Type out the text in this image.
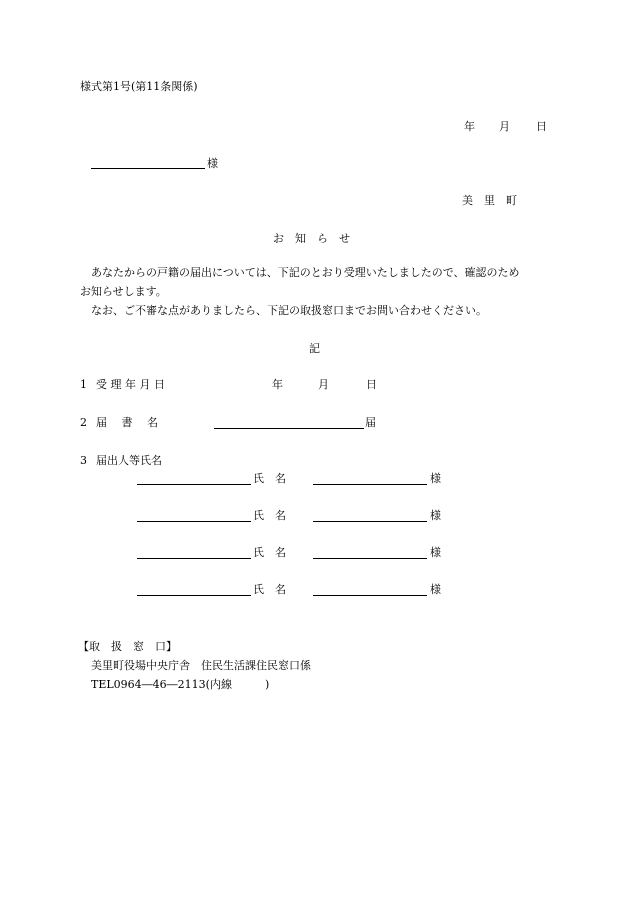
様式第1号(第11条関係)
年 月 日
様
美　里　町
お　知　ら　せ
あなたからの戸籍の届出については、下記のとおり受理いたしましたので、確認のため
お知らせします。
なお、ご不審な点がありましたら、下記の取扱窓口までお問い合わせください。
記
1 受 理 年 月 日	年	月	日
2 届　 書　 名	届
3 届出人等氏名
氏　名	様
氏　名	様
氏　名	様
氏　名	様
【取　扱　窓　口】
美里町役場中央庁舎　住民生活課住民窓口係
TEL0964―46―2113(内線	)
